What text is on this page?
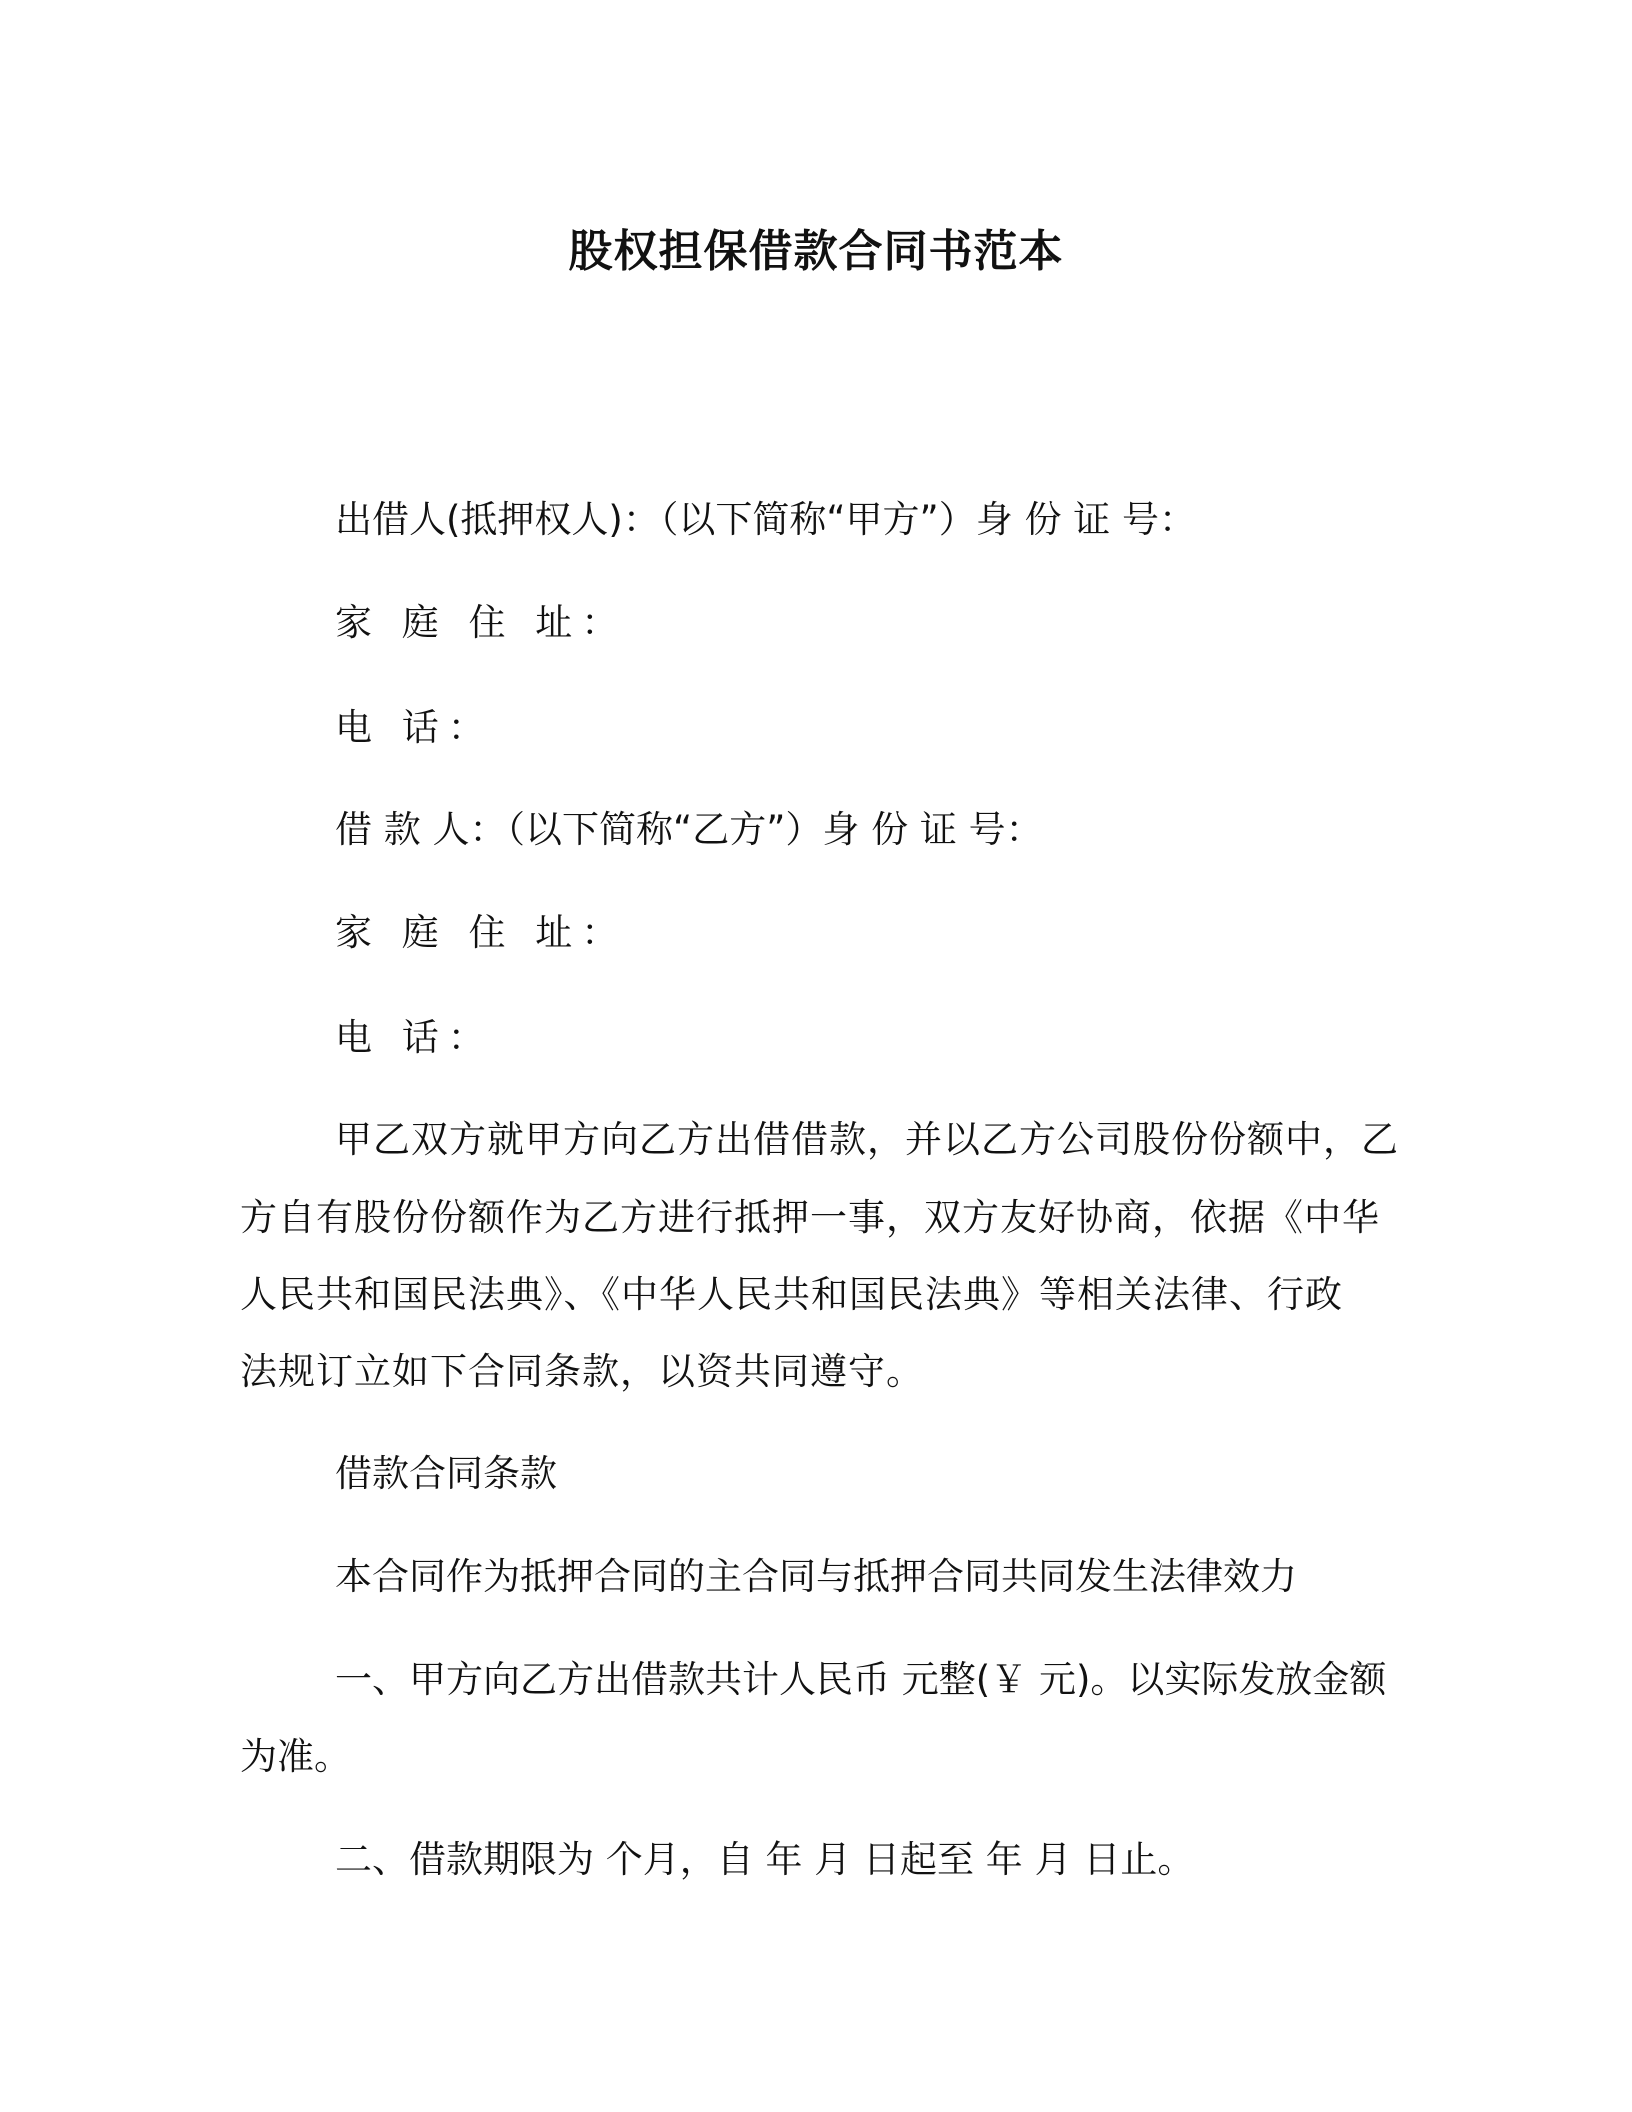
股权担保借款合同书范本
出借人(抵押权人)：（以下简称“甲方”）身 份 证 号：
家 庭 住 址：
电 话：
借 款 人：（以下简称“乙方”）身 份 证 号：
家 庭 住 址：
电 话：
甲乙双方就甲方向乙方出借借款，并以乙方公司股份份额中，乙
方自有股份份额作为乙方进行抵押一事，双方友好协商，依据《中华
人民共和国民法典》、《中华人民共和国民法典》等相关法律、行政
法规订立如下合同条款，以资共同遵守。
借款合同条款
本合同作为抵押合同的主合同与抵押合同共同发生法律效力
一、甲方向乙方出借款共计人民币 元整(￥ 元)。以实际发放金额
为准。
二、借款期限为 个月，自 年 月 日起至 年 月 日止。
